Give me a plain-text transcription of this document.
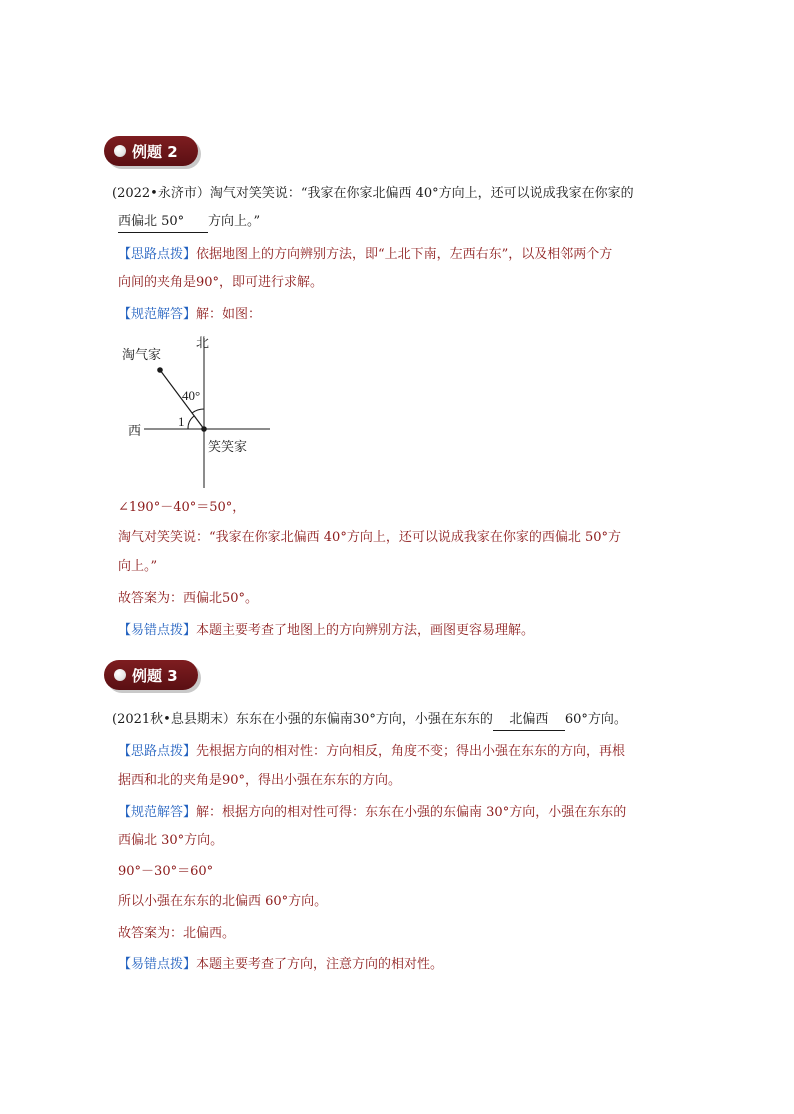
例题 2
(2022•永济市）淘气对笑笑说：“我家在你家北偏西 40°方向上，还可以说成我家在你家的
西偏北 50° 方向上。”
【思路点拨】依据地图上的方向辨别方法，即“上北下南，左西右东”，以及相邻两个方
向间的夹角是90°，即可进行求解。
【规范解答】解：如图：
北
西
淘气家
笑笑家
40°
1
∠190°－40°＝50°，
淘气对笑笑说：“我家在你家北偏西 40°方向上，还可以说成我家在你家的西偏北 50°方
向上。”
故答案为：西偏北50°。
【易错点拨】本题主要考查了地图上的方向辨别方法，画图更容易理解。
例题 3
(2021秋•息县期末）东东在小强的东偏南30°方向，小强在东东的 北偏西 60°方向。
【思路点拨】先根据方向的相对性：方向相反，角度不变；得出小强在东东的方向，再根
据西和北的夹角是90°，得出小强在东东的方向。
【规范解答】解：根据方向的相对性可得：东东在小强的东偏南 30°方向，小强在东东的
西偏北 30°方向。
90°－30°＝60°
所以小强在东东的北偏西 60°方向。
故答案为：北偏西。
【易错点拨】本题主要考查了方向，注意方向的相对性。
